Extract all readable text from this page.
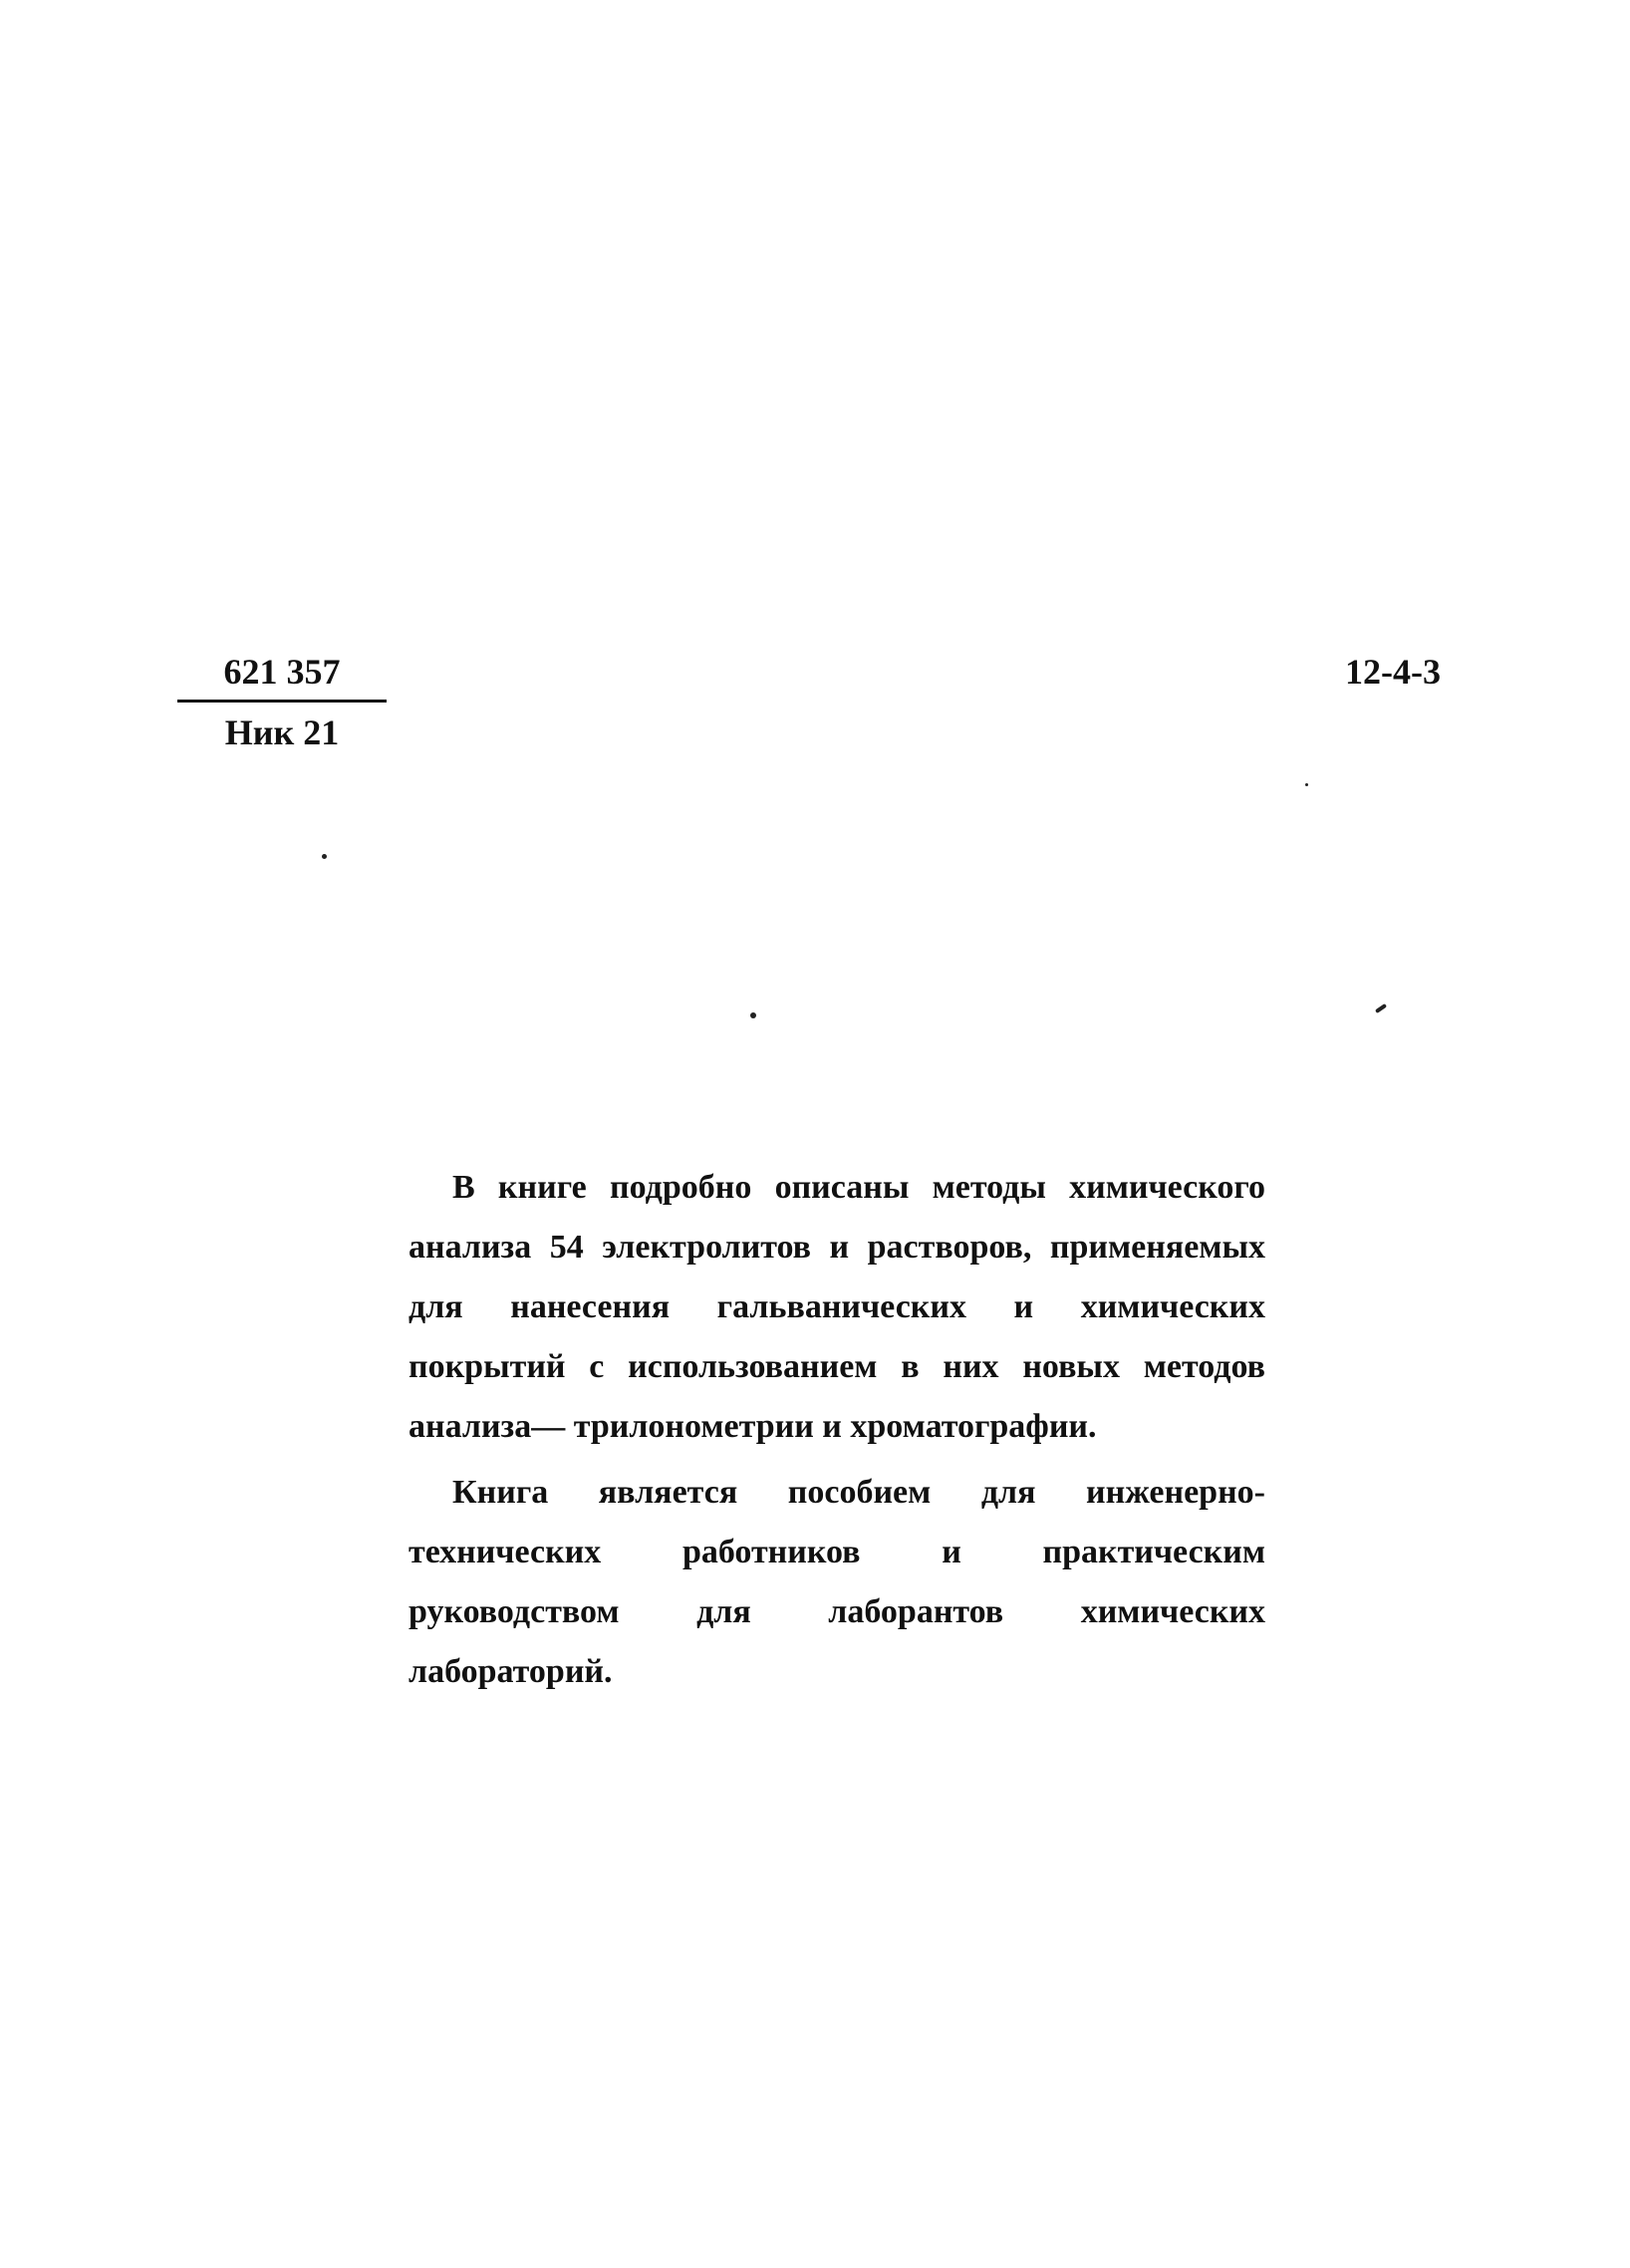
621 357
Ник 21
12-4-3

В книге подробно описаны методы химического анализа 54 электролитов и растворов, применяемых для нанесения гальванических и химических покрытий с использованием в них новых методов анализа— трилонометрии и хроматографии.

Книга является пособием для инженерно-технических работников и практическим руководством для лаборантов химических лабораторий.
